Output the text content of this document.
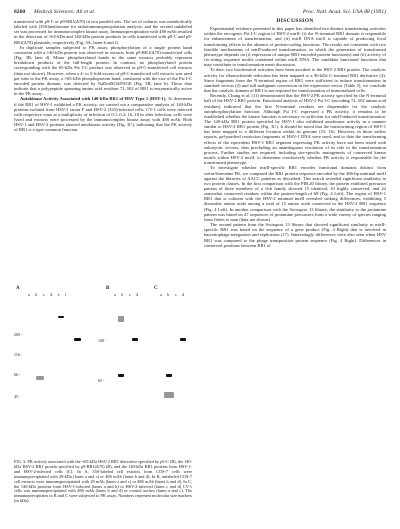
8260	Medical Sciences: Ali et al.	Proc. Natl. Acad. Sci. USA 88 (1991)

transfected with p9-C or p9-RR1(Δ70) in two parallel sets. The set of cultures was metabolically labeled with [35S]methionine for radioimmunoprecipitation analysis, and the second unlabeled set was processed for immunocomplex kinase assay. Immunoprecipitation with 48S mAb resulted in the detection of ≈65-kDa and 140-kDa protein products in cells transfected with p9-C and p9-RR1(Δ70) plasmids, respectively (Fig. 3A, lanes b and f).

In duplicate samples subjected to PK assay, phosphorylation of a single protein band consistent with a 140-kDa protein was observed in extracts from p9-RR1(Δ70)-transfected cells (Fig. 3B, lane d). Minor phosphorylated bands in the same extracts probably represent breakdown products of the full-length protein. In contrast, no phosphorylated protein corresponding with the 65-kDa Pst I-C product was observed in p9-C-transfected cell extracts (data not shown). However, when a 4- to 5-fold excess of p9-C-transfected cell extracts was used per tube in the PK assay, a ≈65-kDa phosphoprotein band, consistent with the size of the Pst I-C encoded protein domain, was detected by NaDodSO4/PAGE (Fig. 3B, lane b). These data indicate that a polypeptide spanning amino acid residues 71–502 of RR1 is enzymatically active in the PK assay.

Autokinase Activity Associated with 140-kDa RR1 of HSV Type 1 (HSV-1). To determine if the RR1 of HSV-1 exhibited a PK activity, we carried out a comparative analysis of 140-kDa proteins isolated from HSV-1 strain F and HSV-2 (333)-infected cells. CV-1 cells were infected with respective virus at a multiplicity of infection of 0.1–0.2; 16–18 hr after infection, cells were lysed and extracts were processed by the immunocomplex kinase assay with 48S mAb. Both HSV-1 and HSV-2 proteins showed autokinase activity (Fig. 3C), indicating that the PK activity of RR1 is a type-common function.

A	B	C
a b c d e f	a b c d	a b c d
200 -
116 -
66 -
45 -
140 -
65 -
FIG. 3. PK activity associated with the ≈65-kDa HSV-2 RR1 derivative specified by p9-C (B), the 140-kDa HSV-2 RR1 protein specified by p9-RR1(Δ70) (B), and the 140-kDa RR1 proteins from HSV-1- and HSV-2-infected cells (C). In A, 35S-labeled cell extracts from COS-7 cells were immunoprecipitated with 28-kDa (lanes a and c) or 48S mAb (lanes b and d). In B, unlabeled COS-7 cell extracts were immunoprecipitated with 28 mAb (lanes a and c) or 48S mAb (lanes b and d). In C, the 140-kDa proteins from HSV-1-infected (lanes a and b) or HSV-2-infected (lanes c and d) CV-1 cells was immunoprecipitated with 48S mAb (lanes b and d) or control ascites (lanes a and c). The immunoprecipitates in B and C were subjected to PK assay. Numbers represent molecular size markers (in kDa).
DISCUSSION

Experimental evidence presented in this paper has identified two distinct transforming activities within the oncogenic Pst I-C region of HSV-2 mtrII: (i) the N-terminal RR1 domain is responsible for enhancement of transformation, and (ii) mtrII DNA itself is capable of producing focal transforming effects in the absence of protein-coding functions. The results are consistent with two feasible mechanisms of mtrII-induced transformation, in which the generation of transformed phenotype depends on (i) expression of unique RR1-encoded protein function(s) and (ii) activity of cis-acting sequence motifs contained within mtrII DNA. The candidate functional functions that may contribute to transformation merit discussion.

To date, two biochemical activities have been ascribed to the HSV-2 RR1 protein. The catalytic activity for ribonucleotide reduction has been mapped to a 96-kDa C-terminal RR1 derivative (4). Since fragments from the N-terminal region of RR1 were sufficient to induce transformation in standard vectors (2) and full malignant conversion in the expression vector (Table 2), we conclude that the catalytic domain of RR1 is not required for transformation of immortalized cells.

Recently, Chung et al. (11) demonstrated that the HSV-2 PK activity specified by the N-terminal half of the HSV-2 RR1 protein. Functional analysis of HSV-2 Pst I-C (encoding 72–502 amino acid residues) indicated that the first N-terminal residues are dispensable for the catalytic autophosphorylation function. Although Pst I-C expressed a PK activity, it remains to be established whether the kinase function is necessary or sufficient for mtrII-induced transformation. The 140-kDa RR1 protein specified by HSV-1 also exhibited autokinase activity in a manner similar to HSV-2 RR1 protein (Fig. 3C). It should be noted that the transforming region of HSV-1 has been mapped to a different location within its genome (15, 16). However, in those earlier reports, gel-purified restriction fragments of HSV-1 DNA were used, and to date the transforming effects of the equivalent HSV-1 RR1 segment expressing PK activity have not been tested with eukaryotic vectors, thus precluding an unambiguous resolution of its role in the transformation process. Further studies are required, including site-specific mutagenesis of conserved kinase motifs within HSV-2 mtrII, to determine conclusively whether PK activity is responsible for the transformed phenotype.

To investigate whether mtrII-specific RR1 encodes functional domains distinct from serine/threonine PK, we compared the RR1 protein sequence encoded by the 486-bp minimal mtrII against the libraries of AACC patterns as described. This search revealed significant similarity to two protein classes. In the first comparison with the PIR.20 library, the protein exhibited precursor pattern of three members of a fish family showed 15 identical, 10 highly conserved, and 22 somewhat conserved residues within the pattern-length of 69 (Fig. 4 Left). The region of HSV-1 RR1 that is colinear with the HSV-2 minimal mtrII revealed striking differences, exhibiting 5 dissimilar amino acids among a total of 15 amino acids conserved in the HSV-2 RR1 sequence (Fig. 4 Left). In another comparison with the Swissprot 13 library, the similarity to the protamine pattern was based on 47 sequences of protamine precursors from a wide variety of species ranging from fishes to man (data not shown).

The second pattern from the Swissprot 13 library that showed significant similarity to mtrII-specific RR1 was based on the sequence of a gene product (Fig. 4 Right) that is involved in bacteriophage integration and replication (17). Interestingly differences were also seen when HSV RR1 was compared to the phage transposition protein sequence (Fig. 4 Right). Differences in conserved positions between RR1 of
